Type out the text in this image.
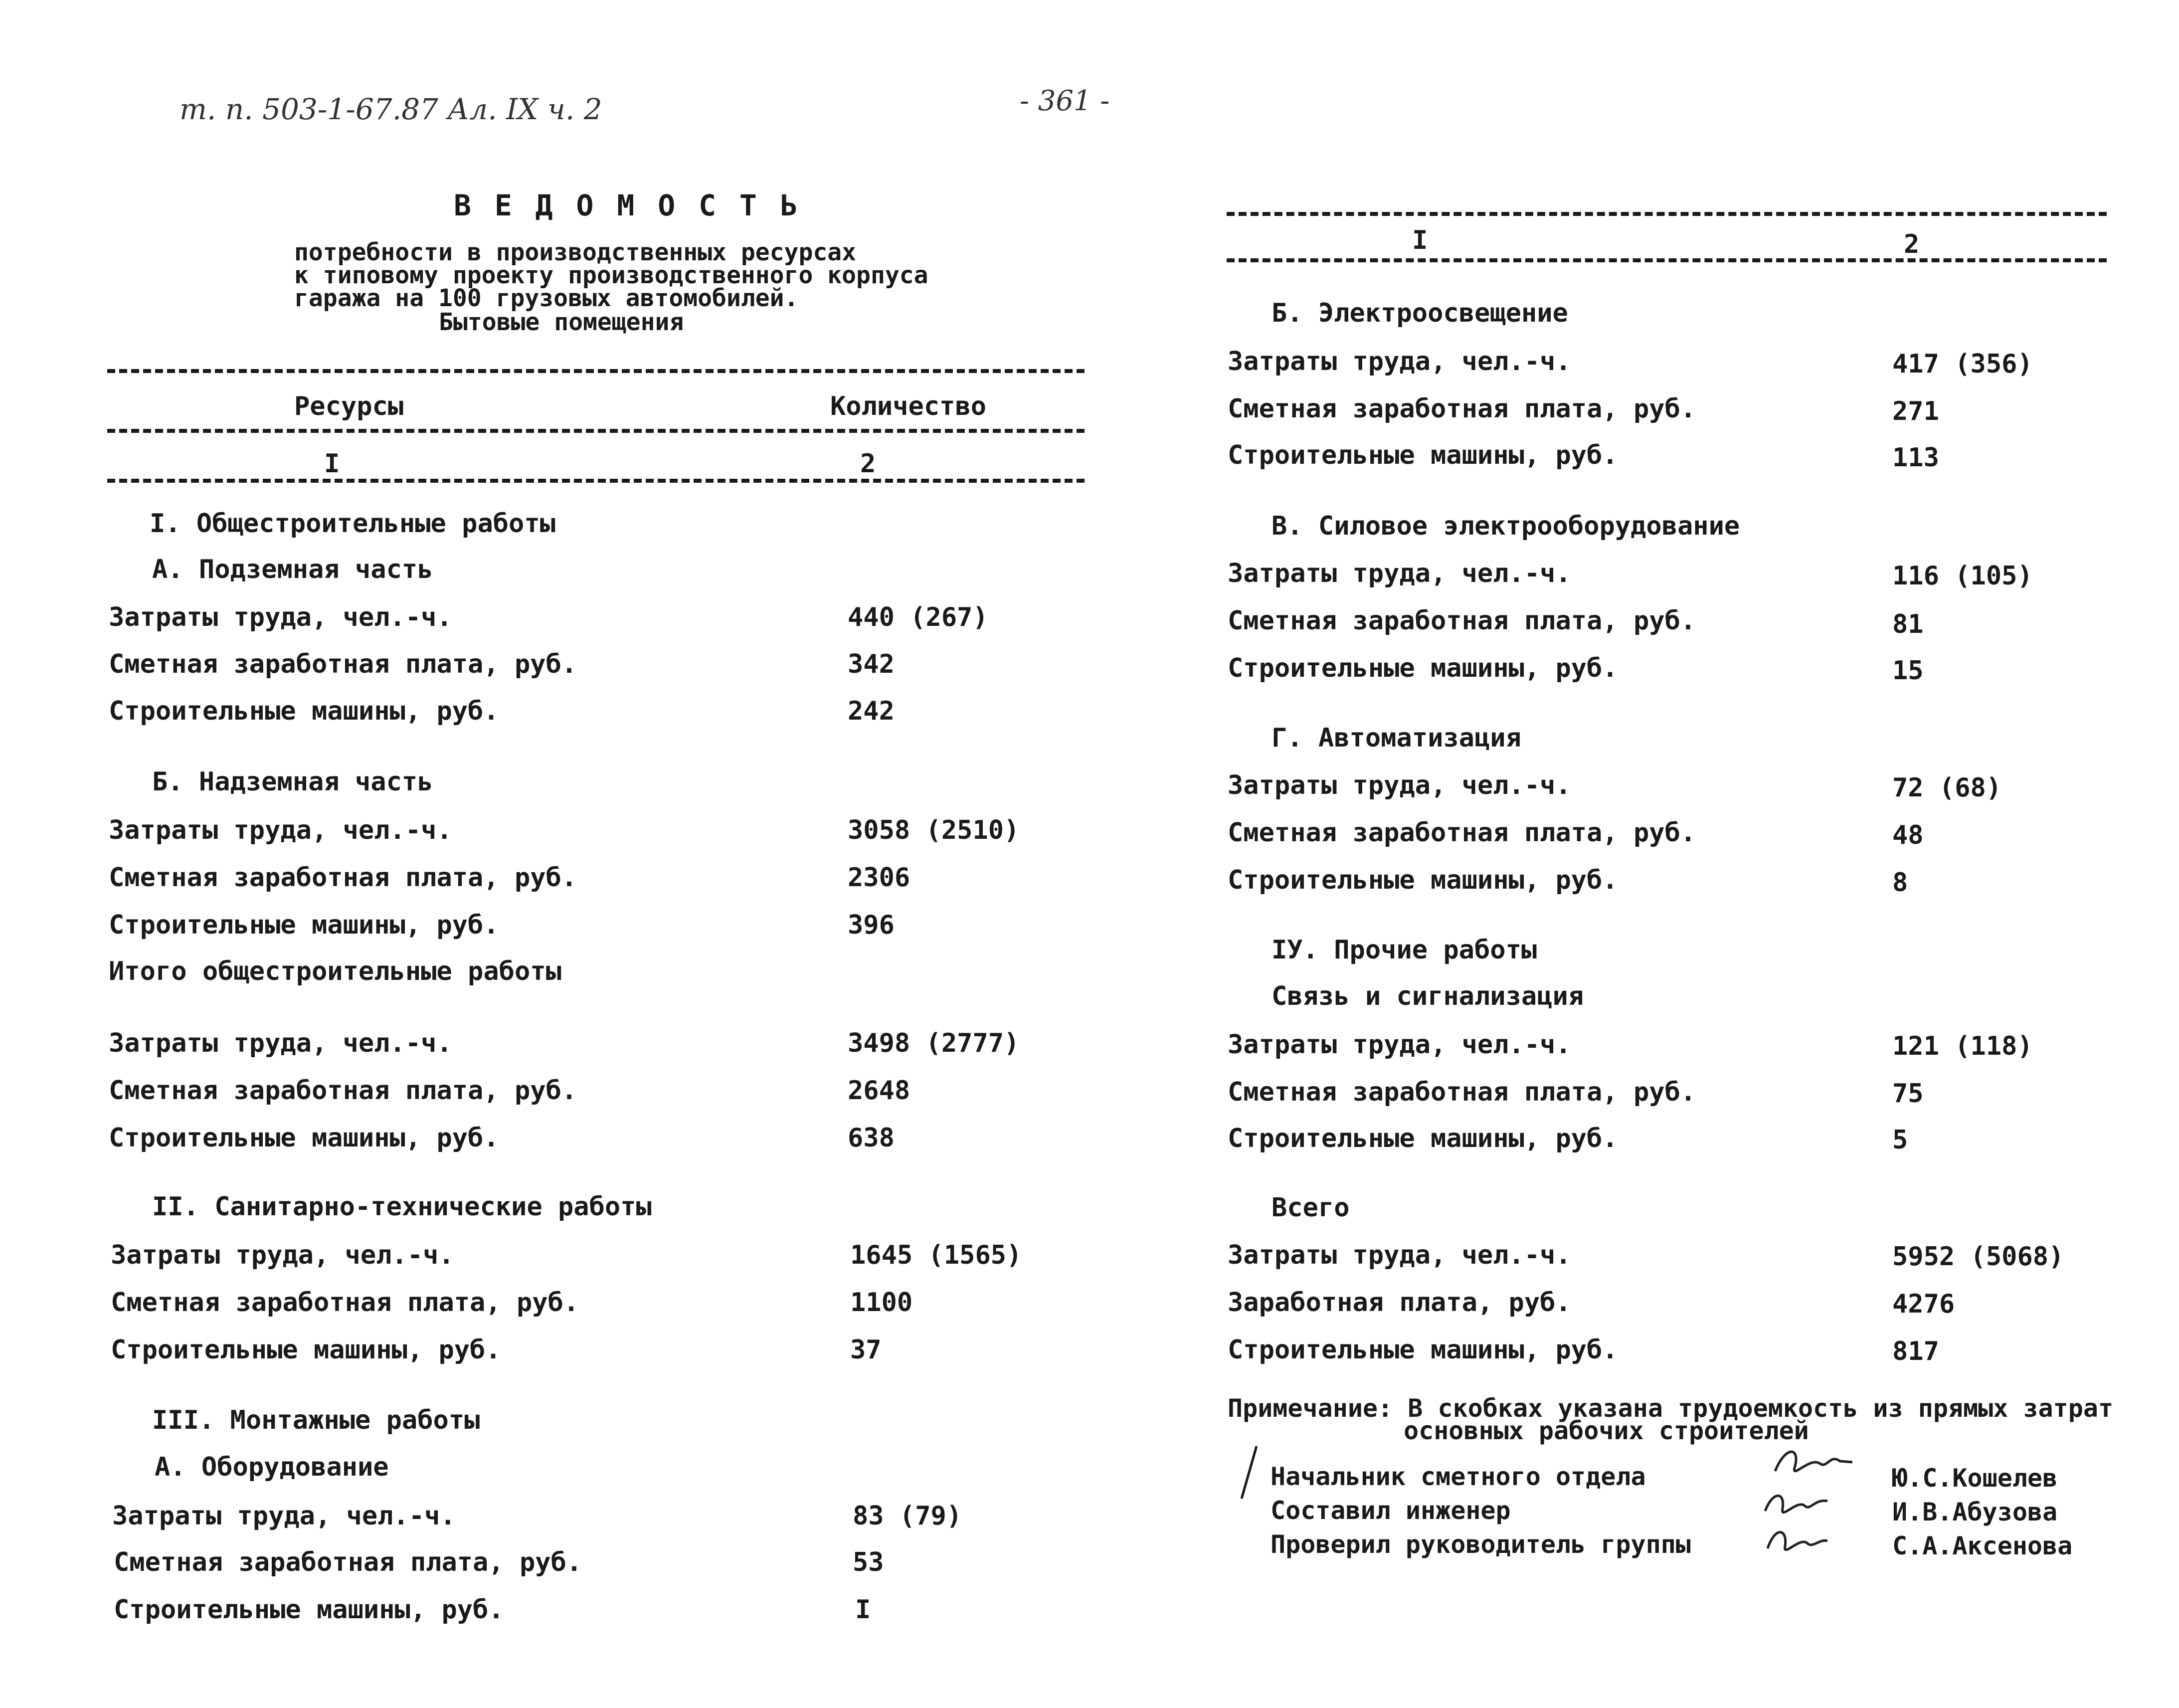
т. п. 503-1-67.87 Ал. IX ч. 2	- 361 -
В Е Д О М О С Т Ь
потребности в производственных ресурсах
к типовому проекту производственного корпуса
гаража на 100 грузовых автомобилей.
Бытовые помещения
Ресурсы	Количество
I	2
I. Общестроительные работы
А. Подземная часть
Затраты труда, чел.-ч.	440 (267)
Сметная заработная плата, руб.	342
Строительные машины, руб.	242
Б. Надземная часть
Затраты труда, чел.-ч.	3058 (2510)
Сметная заработная плата, руб.	2306
Строительные машины, руб.	396
Итого общестроительные работы
Затраты труда, чел.-ч.	3498 (2777)
Сметная заработная плата, руб.	2648
Строительные машины, руб.	638
II. Санитарно-технические работы
Затраты труда, чел.-ч.	1645 (1565)
Сметная заработная плата, руб.	1100
Строительные машины, руб.	37
III. Монтажные работы
А. Оборудование
Затраты труда, чел.-ч.	83 (79)
Сметная заработная плата, руб.	53
Строительные машины, руб.	I
I	2
Б. Электроосвещение
Затраты труда, чел.-ч.	417 (356)
Сметная заработная плата, руб.	271
Строительные машины, руб.	113
В. Силовое электрооборудование
Затраты труда, чел.-ч.	116 (105)
Сметная заработная плата, руб.	81
Строительные машины, руб.	15
Г. Автоматизация
Затраты труда, чел.-ч.	72 (68)
Сметная заработная плата, руб.	48
Строительные машины, руб.	8
IУ. Прочие работы
Связь и сигнализация
Затраты труда, чел.-ч.	121 (118)
Сметная заработная плата, руб.	75
Строительные машины, руб.	5
Всего
Затраты труда, чел.-ч.	5952 (5068)
Заработная плата, руб.	4276
Строительные машины, руб.	817
Примечание: В скобках указана трудоемкость из прямых затрат
основных рабочих строителей
Начальник сметного отдела	Ю.С.Кошелев
Составил инженер	И.В.Абузова
Проверил руководитель группы	С.А.Аксенова
